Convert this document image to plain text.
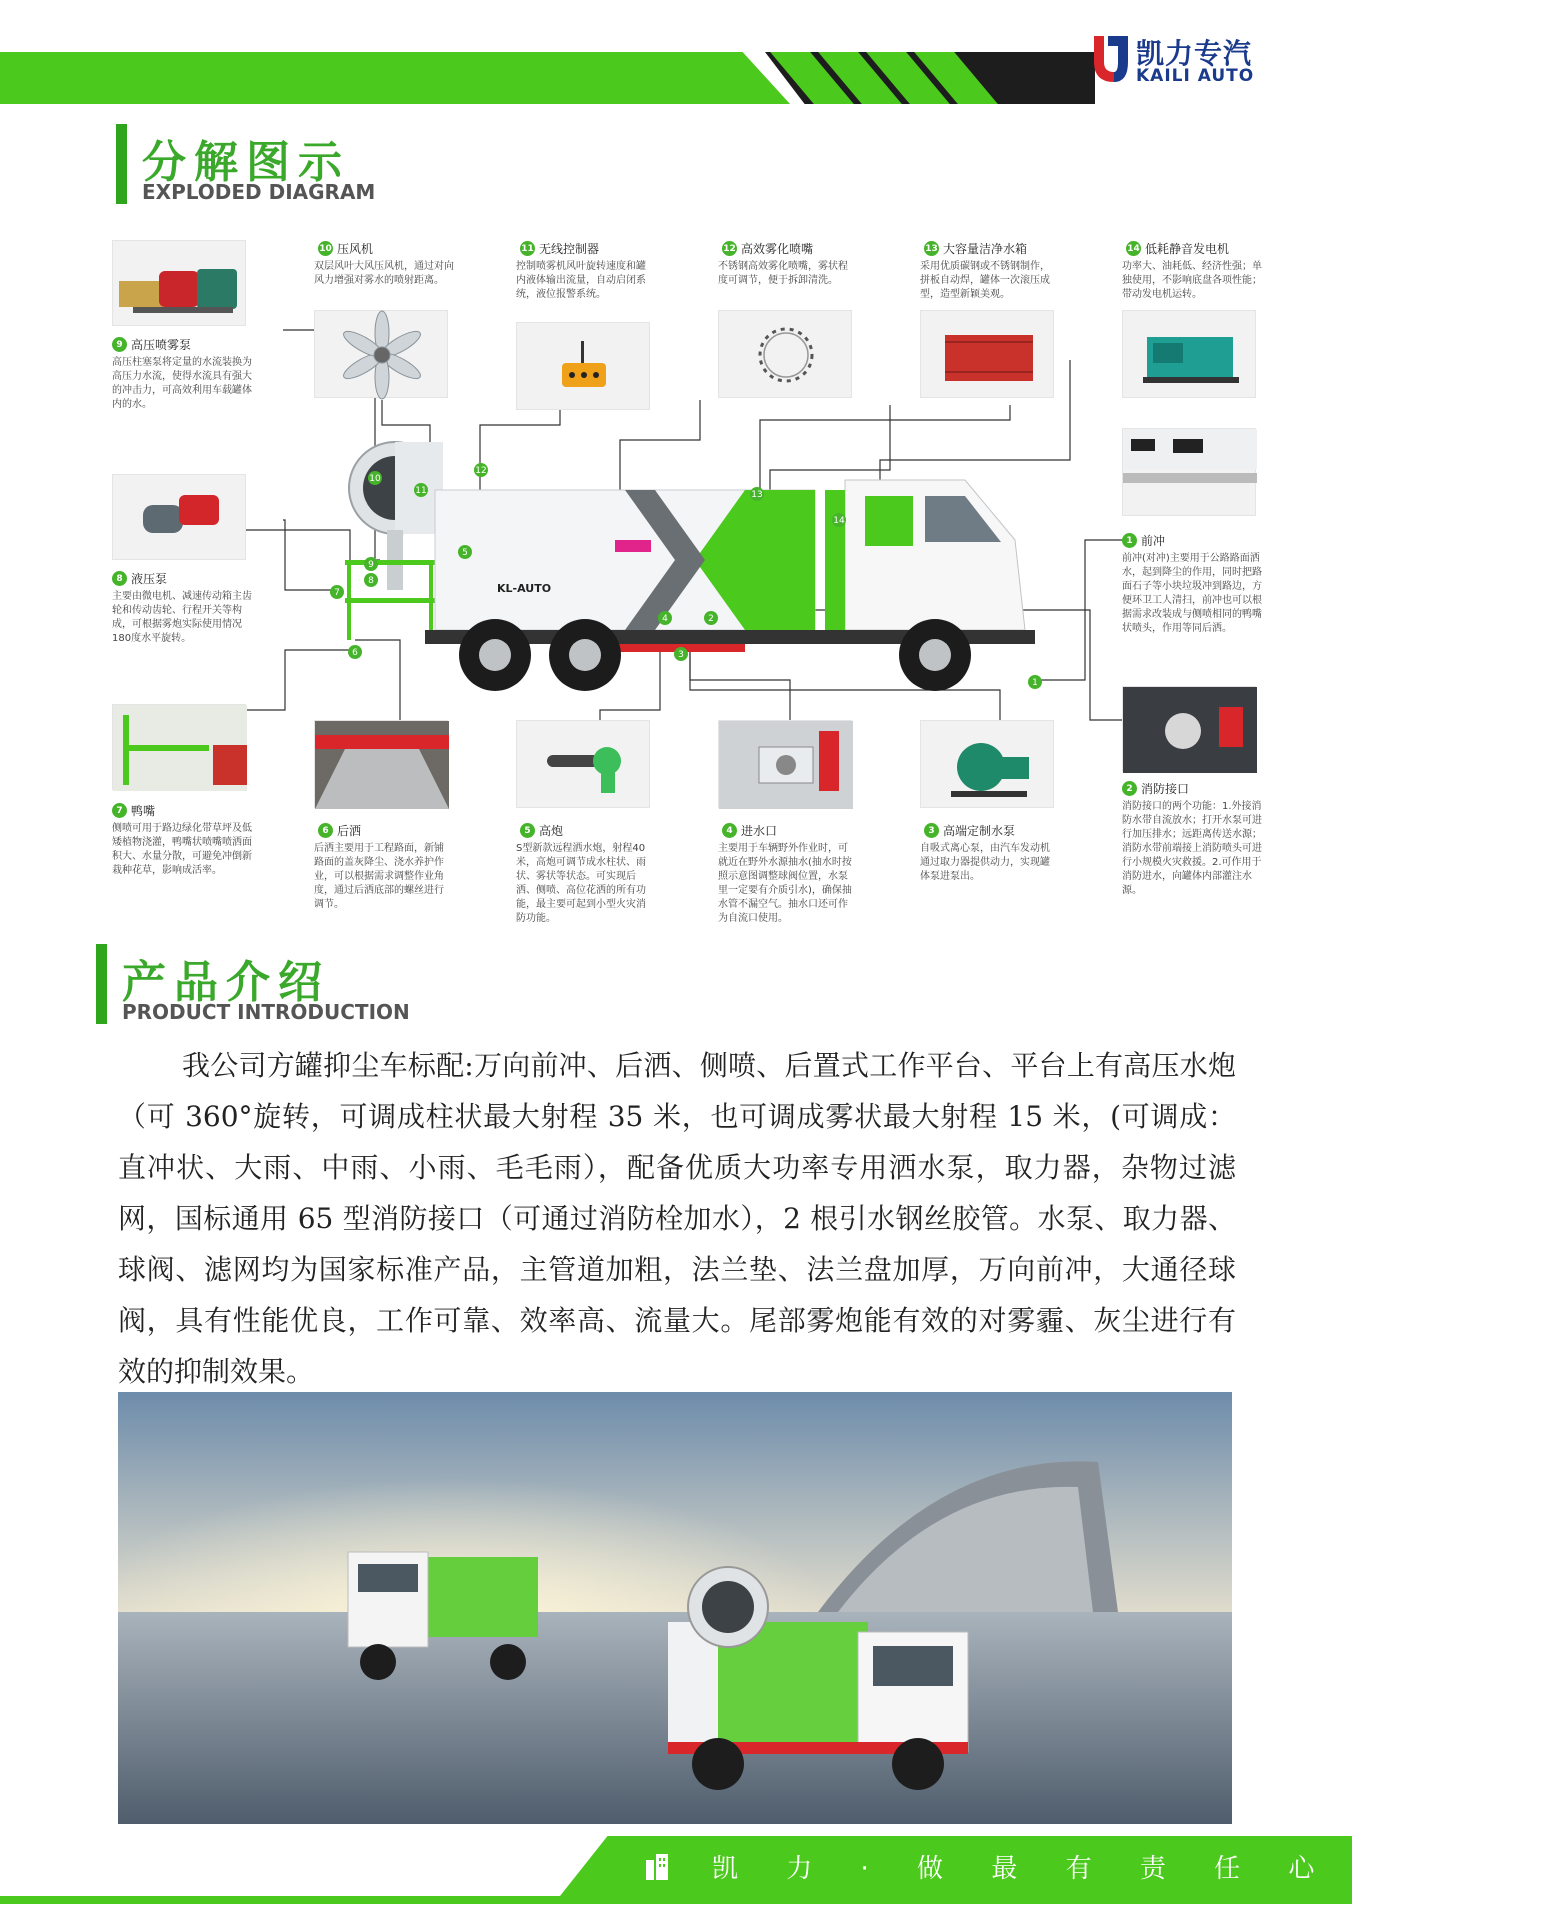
凯力专汽
KAILI AUTO
分解图示
EXPLODED DIAGRAM
9 高压喷雾泵
高压柱塞泵将定量的水流装换为高压力水流，使得水流具有强大的冲击力，可高效利用车载罐体内的水。
10 压风机
双层风叶大风压风机，通过对向风力增强对雾水的喷射距离。
11 无线控制器
控制喷雾机风叶旋转速度和罐内液体输出流量，自动启闭系统，液位报警系统。
12 高效雾化喷嘴
不锈钢高效雾化喷嘴，雾状程度可调节，便于拆卸清洗。
13 大容量洁净水箱
采用优质碳钢或不锈钢制作，拼板自动焊，罐体一次滚压成型，造型新颖美观。
14 低耗静音发电机
功率大、油耗低、经济性强；单独使用，不影响底盘各项性能；带动发电机运转。
8 液压泵
主要由微电机、减速传动箱主齿轮和传动齿轮、行程开关等构成，可根据雾炮实际使用情况180度水平旋转。
1 前冲
前冲(对冲)主要用于公路路面洒水，起到降尘的作用，同时把路面石子等小块垃圾冲到路边，方便环卫工人清扫，前冲也可以根据需求改装成与侧喷相同的鸭嘴状喷头，作用等同后洒。
KL-AUTO
10
11
12
13
14
5
9
8
7
6
4	2
3
1
2 消防接口
消防接口的两个功能：1.外接消防水带自流放水；打开水泵可进行加压排水；远距离传送水源；消防水带前端接上消防喷头可进行小规模火灾救援。2.可作用于消防进水，向罐体内部灌注水源。
7 鸭嘴
侧喷可用于路边绿化带草坪及低矮植物浇灌，鸭嘴状喷嘴喷洒面积大、水量分散，可避免冲倒新栽种花草，影响成活率。
6 后洒
后洒主要用于工程路面，新铺路面的盖灰降尘、浇水养护作业，可以根据需求调整作业角度，通过后洒底部的螺丝进行调节。
5 高炮
S型新款远程洒水炮，射程40米，高炮可调节成水柱状、雨状、雾状等状态。可实现后洒、侧喷、高位花洒的所有功能，最主要可起到小型火灾消防功能。
4 进水口
主要用于车辆野外作业时，可就近在野外水源抽水(抽水时按照示意图调整球阀位置，水泵里一定要有介质引水)，确保抽水管不漏空气。抽水口还可作为自流口使用。
3 高端定制水泵
自吸式离心泵，由汽车发动机通过取力器提供动力，实现罐体泵进泵出。
产品介绍
PRODUCT INTRODUCTION
我公司方罐抑尘车标配:万向前冲、后洒、侧喷、后置式工作平台、平台上有高压水炮（可 360°旋转，可调成柱状最大射程 35 米，也可调成雾状最大射程 15 米，(可调成：直冲状、大雨、中雨、小雨、毛毛雨），配备优质大功率专用洒水泵，取力器，杂物过滤网，国标通用 65 型消防接口（可通过消防栓加水），2 根引水钢丝胶管。水泵、取力器、球阀、滤网均为国家标准产品，主管道加粗，法兰垫、法兰盘加厚，万向前冲，大通径球阀，具有性能优良，工作可靠、效率高、流量大。尾部雾炮能有效的对雾霾、灰尘进行有效的抑制效果。
凯 力 · 做 最 有 责 任 心 的 公 司
